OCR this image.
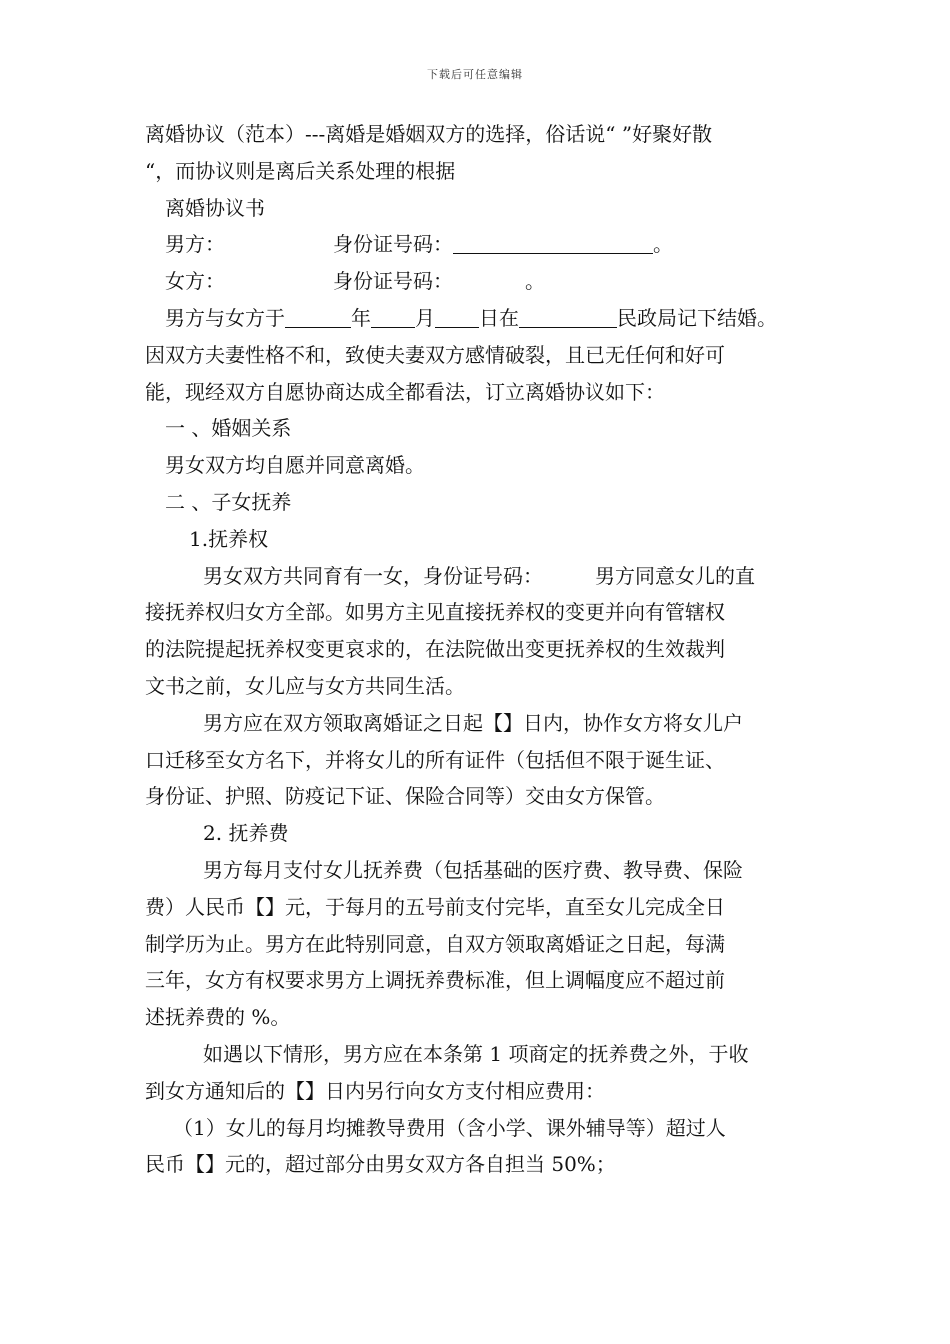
下载后可任意编辑

离婚协议（范本）---离婚是婚姻双方的选择，俗话说“ ”好聚好散

“，而协议则是离后关系处理的根据

离婚协议书

男方：	身份证号码：	。

女方：	身份证号码：	。

男方与女方于	年 月 日在	民政局记下结婚。

因双方夫妻性格不和，致使夫妻双方感情破裂，且已无任何和好可

能，现经双方自愿协商达成全都看法，订立离婚协议如下：

一 、婚姻关系

男女双方均自愿并同意离婚。

二 、子女抚养

1.抚养权

男女双方共同育有一女，身份证号码：	男方同意女儿的直

接抚养权归女方全部。如男方主见直接抚养权的变更并向有管辖权

的法院提起抚养权变更哀求的，在法院做出变更抚养权的生效裁判

文书之前，女儿应与女方共同生活。

男方应在双方领取离婚证之日起【】日内，协作女方将女儿户

口迁移至女方名下，并将女儿的所有证件（包括但不限于诞生证、

身份证、护照、防疫记下证、保险合同等）交由女方保管。

2. 抚养费

男方每月支付女儿抚养费（包括基础的医疗费、教导费、保险

费）人民币【】元，于每月的五号前支付完毕，直至女儿完成全日

制学历为止。男方在此特别同意，自双方领取离婚证之日起，每满

三年，女方有权要求男方上调抚养费标准，但上调幅度应不超过前

述抚养费的 %。

如遇以下情形，男方应在本条第 1 项商定的抚养费之外，于收

到女方通知后的【】日内另行向女方支付相应费用：

（1）女儿的每月均摊教导费用（含小学、课外辅导等）超过人

民币【】元的，超过部分由男女双方各自担当 50%；
